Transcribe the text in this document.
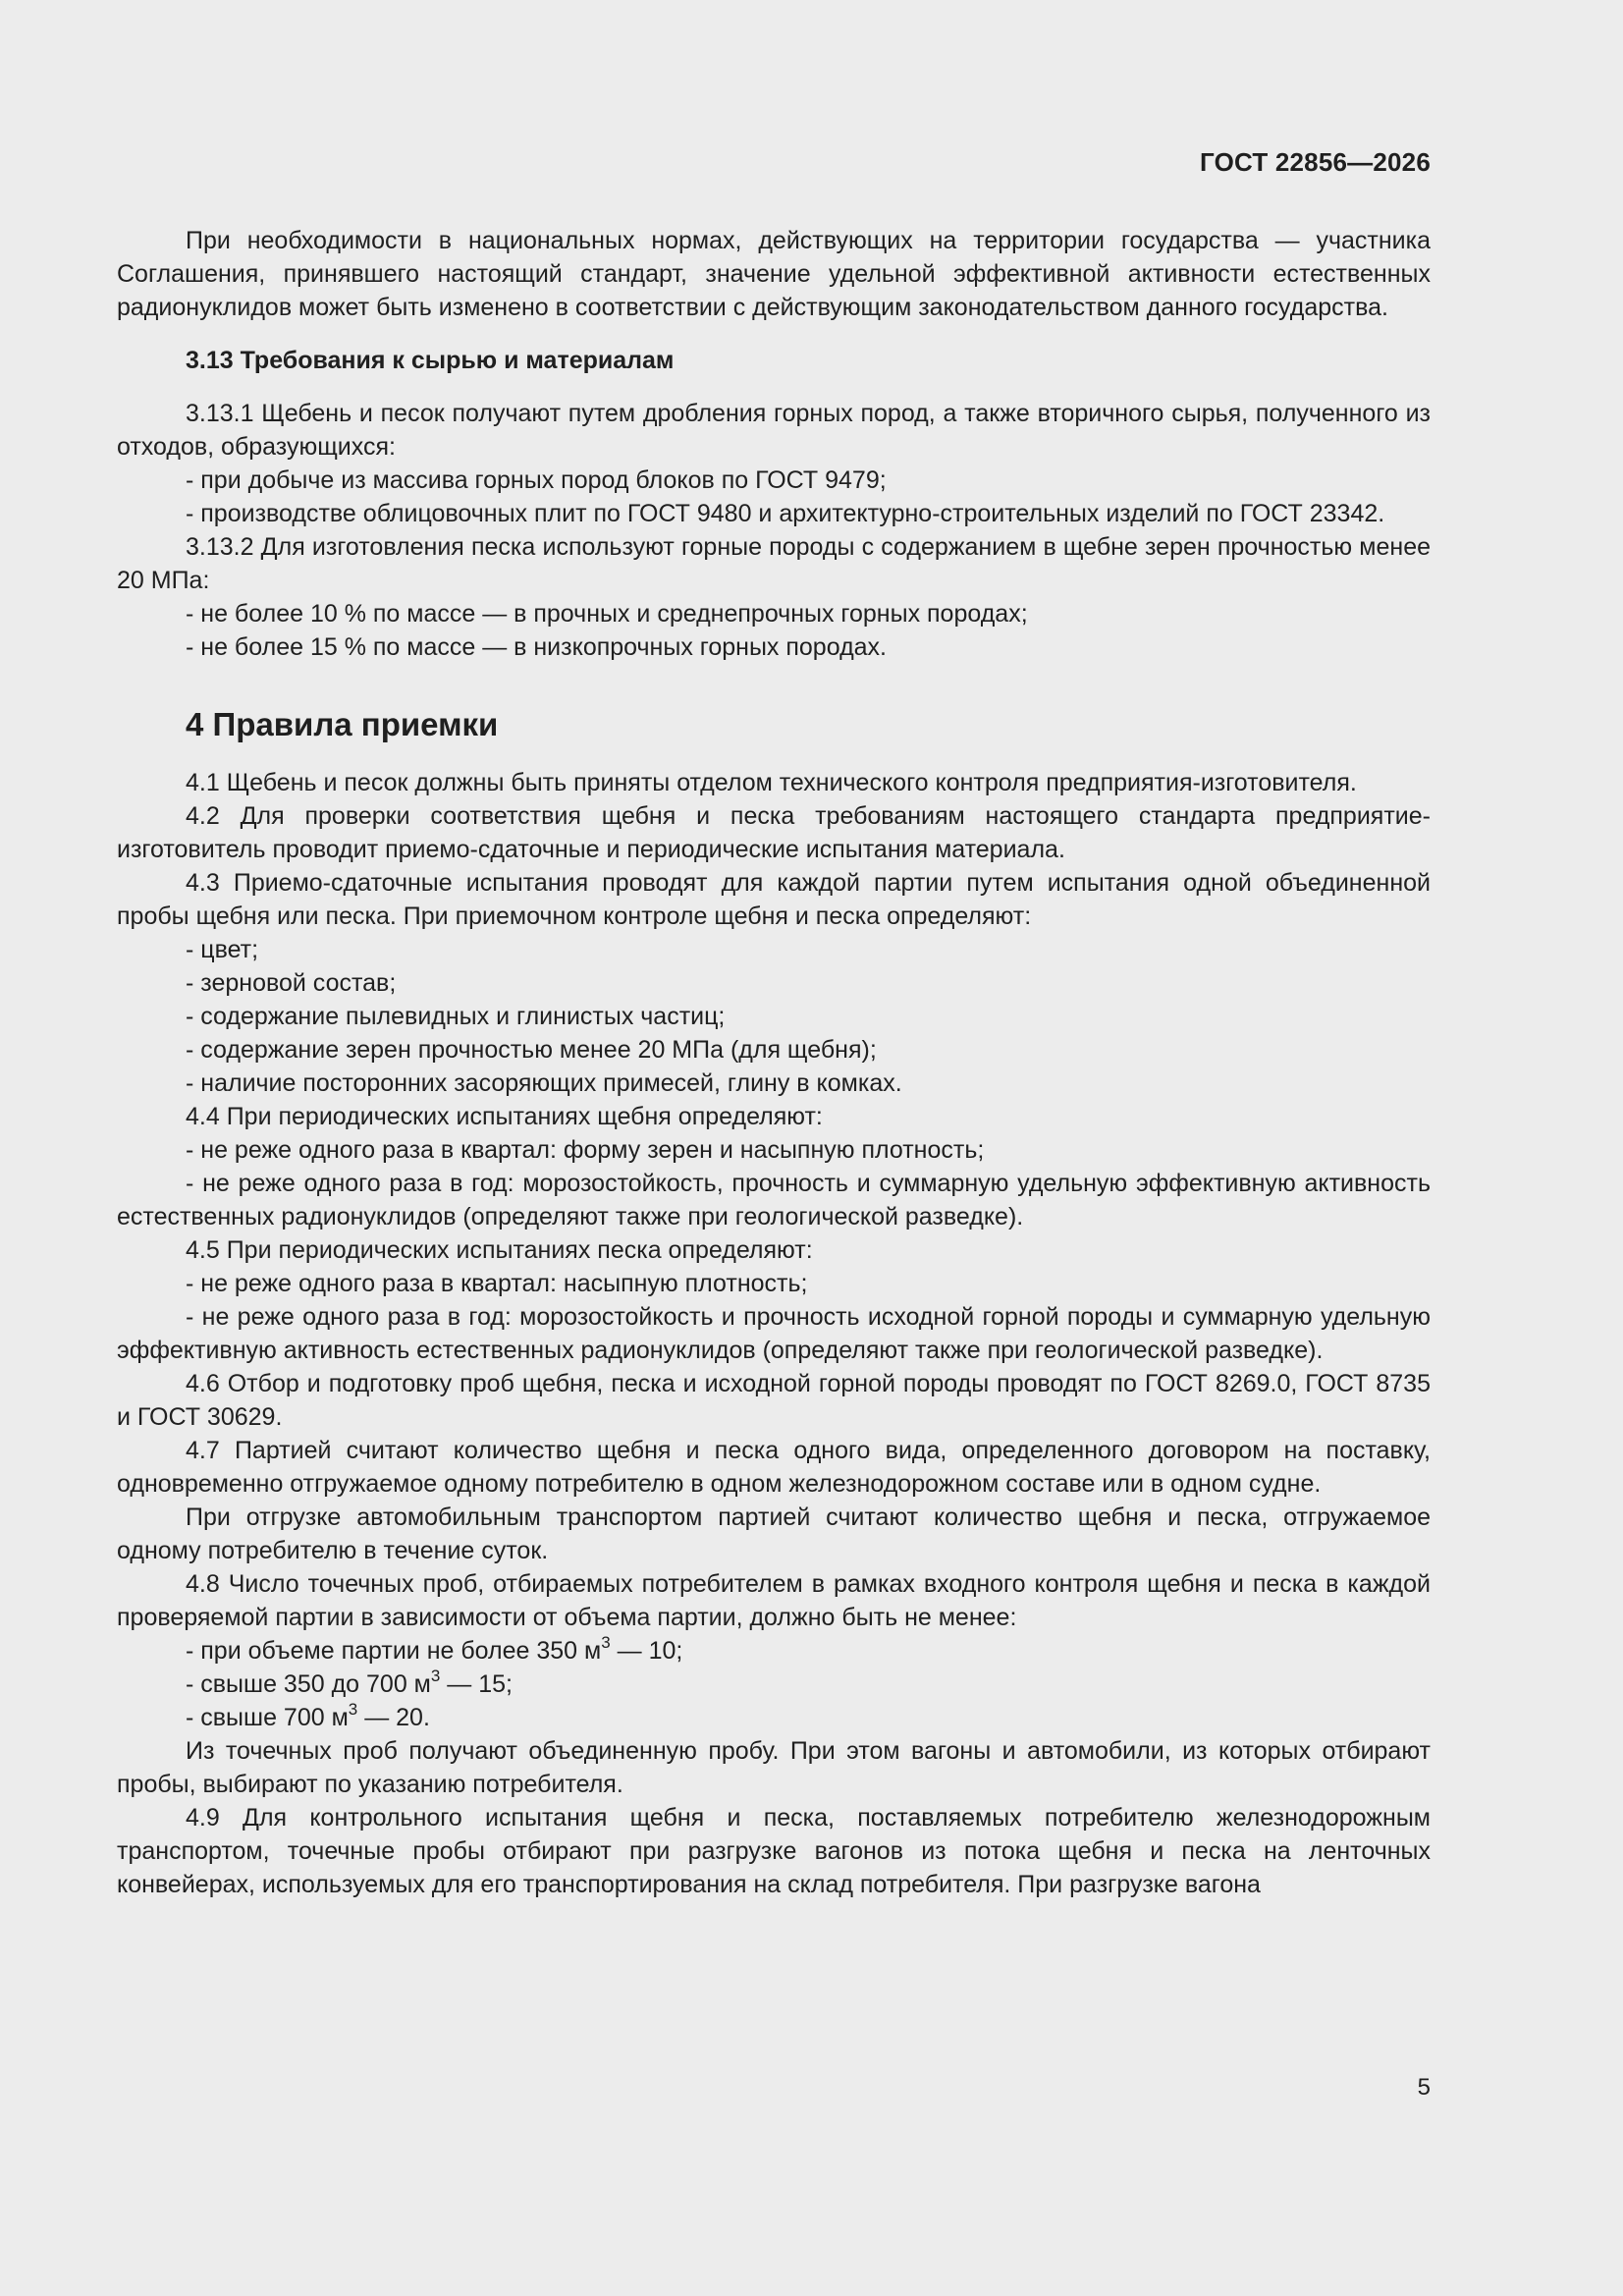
ГОСТ 22856—2026

При необходимости в национальных нормах, действующих на территории государства — участника Соглашения, принявшего настоящий стандарт, значение удельной эффективной активности естественных радионуклидов может быть изменено в соответствии с действующим законодательством данного государства.

3.13 Требования к сырью и материалам

3.13.1 Щебень и песок получают путем дробления горных пород, а также вторичного сырья, полученного из отходов, образующихся:

- при добыче из массива горных пород блоков по ГОСТ 9479;

- производстве облицовочных плит по ГОСТ 9480 и архитектурно-строительных изделий по ГОСТ 23342.

3.13.2 Для изготовления песка используют горные породы с содержанием в щебне зерен прочностью менее 20 МПа:

- не более 10 % по массе — в прочных и среднепрочных горных породах;

- не более 15 % по массе — в низкопрочных горных породах.

4 Правила приемки

4.1 Щебень и песок должны быть приняты отделом технического контроля предприятия-изготовителя.

4.2 Для проверки соответствия щебня и песка требованиям настоящего стандарта предприятие-изготовитель проводит приемо-сдаточные и периодические испытания материала.

4.3 Приемо-сдаточные испытания проводят для каждой партии путем испытания одной объединенной пробы щебня или песка. При приемочном контроле щебня и песка определяют:

- цвет;

- зерновой состав;

- содержание пылевидных и глинистых частиц;

- содержание зерен прочностью менее 20 МПа (для щебня);

- наличие посторонних засоряющих примесей, глину в комках.

4.4 При периодических испытаниях щебня определяют:

- не реже одного раза в квартал: форму зерен и насыпную плотность;

- не реже одного раза в год: морозостойкость, прочность и суммарную удельную эффективную активность естественных радионуклидов (определяют также при геологической разведке).

4.5 При периодических испытаниях песка определяют:

- не реже одного раза в квартал: насыпную плотность;

- не реже одного раза в год: морозостойкость и прочность исходной горной породы и суммарную удельную эффективную активность естественных радионуклидов (определяют также при геологической разведке).

4.6 Отбор и подготовку проб щебня, песка и исходной горной породы проводят по ГОСТ 8269.0, ГОСТ 8735 и ГОСТ 30629.

4.7 Партией считают количество щебня и песка одного вида, определенного договором на поставку, одновременно отгружаемое одному потребителю в одном железнодорожном составе или в одном судне.

При отгрузке автомобильным транспортом партией считают количество щебня и песка, отгружаемое одному потребителю в течение суток.

4.8 Число точечных проб, отбираемых потребителем в рамках входного контроля щебня и песка в каждой проверяемой партии в зависимости от объема партии, должно быть не менее:

- при объеме партии не более 350 $м^3$ — 10;

- свыше 350 до 700 $м^3$ — 15;

- свыше 700 $м^3$ — 20.

Из точечных проб получают объединенную пробу. При этом вагоны и автомобили, из которых отбирают пробы, выбирают по указанию потребителя.

4.9 Для контрольного испытания щебня и песка, поставляемых потребителю железнодорожным транспортом, точечные пробы отбирают при разгрузке вагонов из потока щебня и песка на ленточных конвейерах, используемых для его транспортирования на склад потребителя. При разгрузке вагона

5
